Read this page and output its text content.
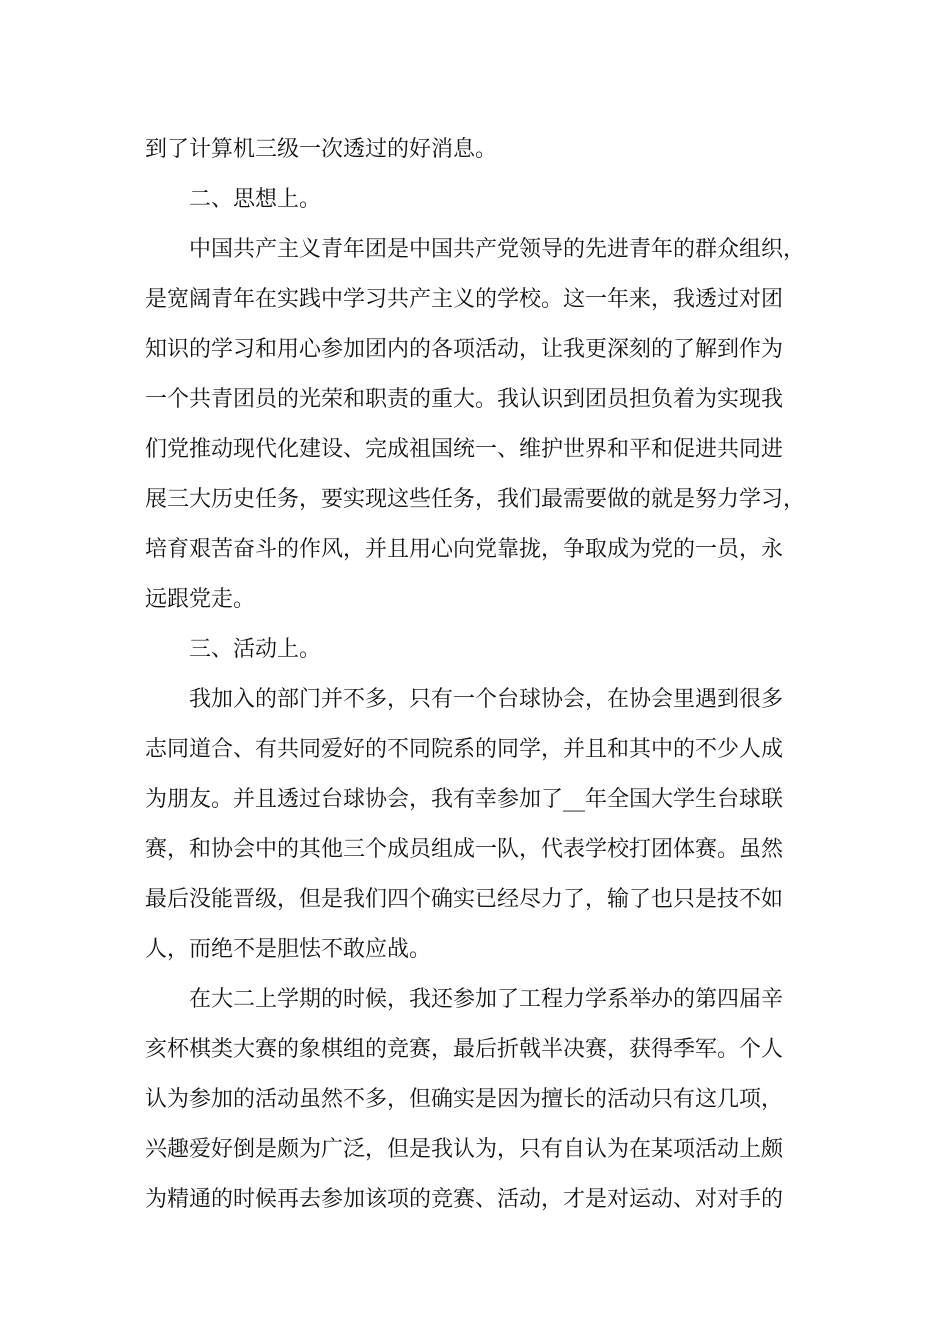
到了计算机三级一次透过的好消息。
二、思想上。
中国共产主义青年团是中国共产党领导的先进青年的群众组织，
是宽阔青年在实践中学习共产主义的学校。这一年来，我透过对团
知识的学习和用心参加团内的各项活动，让我更深刻的了解到作为
一个共青团员的光荣和职责的重大。我认识到团员担负着为实现我
们党推动现代化建设、完成祖国统一、维护世界和平和促进共同进
展三大历史任务，要实现这些任务，我们最需要做的就是努力学习，
培育艰苦奋斗的作风，并且用心向党靠拢，争取成为党的一员，永
远跟党走。
三、活动上。
我加入的部门并不多，只有一个台球协会，在协会里遇到很多
志同道合、有共同爱好的不同院系的同学，并且和其中的不少人成
为朋友。并且透过台球协会，我有幸参加了__年全国大学生台球联
赛，和协会中的其他三个成员组成一队，代表学校打团体赛。虽然
最后没能晋级，但是我们四个确实已经尽力了，输了也只是技不如
人，而绝不是胆怯不敢应战。
在大二上学期的时候，我还参加了工程力学系举办的第四届辛
亥杯棋类大赛的象棋组的竞赛，最后折戟半决赛，获得季军。个人
认为参加的活动虽然不多，但确实是因为擅长的活动只有这几项，
兴趣爱好倒是颇为广泛，但是我认为，只有自认为在某项活动上颇
为精通的时候再去参加该项的竞赛、活动，才是对运动、对对手的
